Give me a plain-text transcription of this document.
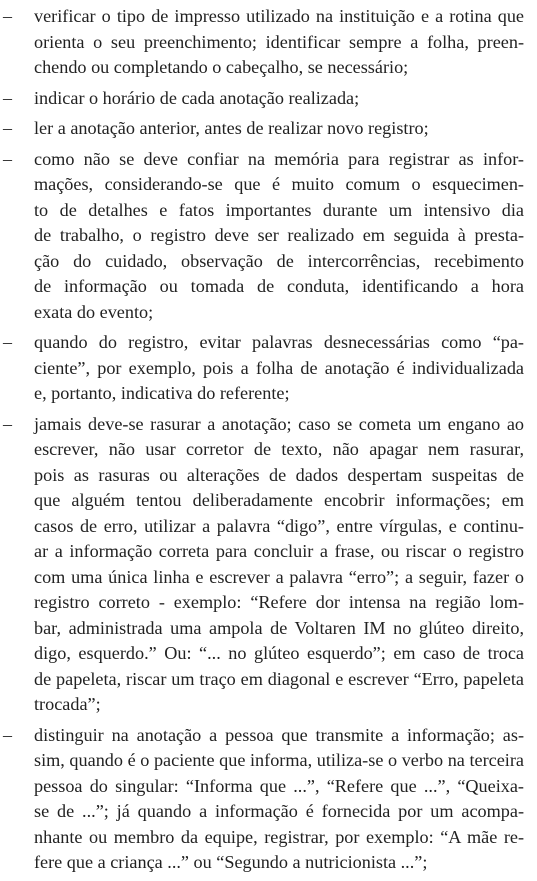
– verificar o tipo de impresso utilizado na instituição e a rotina que
orienta o seu preenchimento; identificar sempre a folha, preen-
chendo ou completando o cabeçalho, se necessário;
– indicar o horário de cada anotação realizada;
– ler a anotação anterior, antes de realizar novo registro;
– como não se deve confiar na memória para registrar as infor-
mações, considerando-se que é muito comum o esquecimen-
to de detalhes e fatos importantes durante um intensivo dia
de trabalho, o registro deve ser realizado em seguida à presta-
ção do cuidado, observação de intercorrências, recebimento
de informação ou tomada de conduta, identificando a hora
exata do evento;
– quando do registro, evitar palavras desnecessárias como “pa-
ciente”, por exemplo, pois a folha de anotação é individualizada
e, portanto, indicativa do referente;
– jamais deve-se rasurar a anotação; caso se cometa um engano ao
escrever, não usar corretor de texto, não apagar nem rasurar,
pois as rasuras ou alterações de dados despertam suspeitas de
que alguém tentou deliberadamente encobrir informações; em
casos de erro, utilizar a palavra “digo”, entre vírgulas, e continu-
ar a informação correta para concluir a frase, ou riscar o registro
com uma única linha e escrever a palavra “erro”; a seguir, fazer o
registro correto - exemplo: “Refere dor intensa na região lom-
bar, administrada uma ampola de Voltaren IM no glúteo direito,
digo, esquerdo.” Ou: “... no glúteo esquerdo”; em caso de troca
de papeleta, riscar um traço em diagonal e escrever “Erro, papeleta
trocada”;
– distinguir na anotação a pessoa que transmite a informação; as-
sim, quando é o paciente que informa, utiliza-se o verbo na terceira
pessoa do singular: “Informa que ...”, “Refere que ...”, “Queixa-
se de ...”; já quando a informação é fornecida por um acompa-
nhante ou membro da equipe, registrar, por exemplo: “A mãe re-
fere que a criança ...” ou “Segundo a nutricionista ...”;
